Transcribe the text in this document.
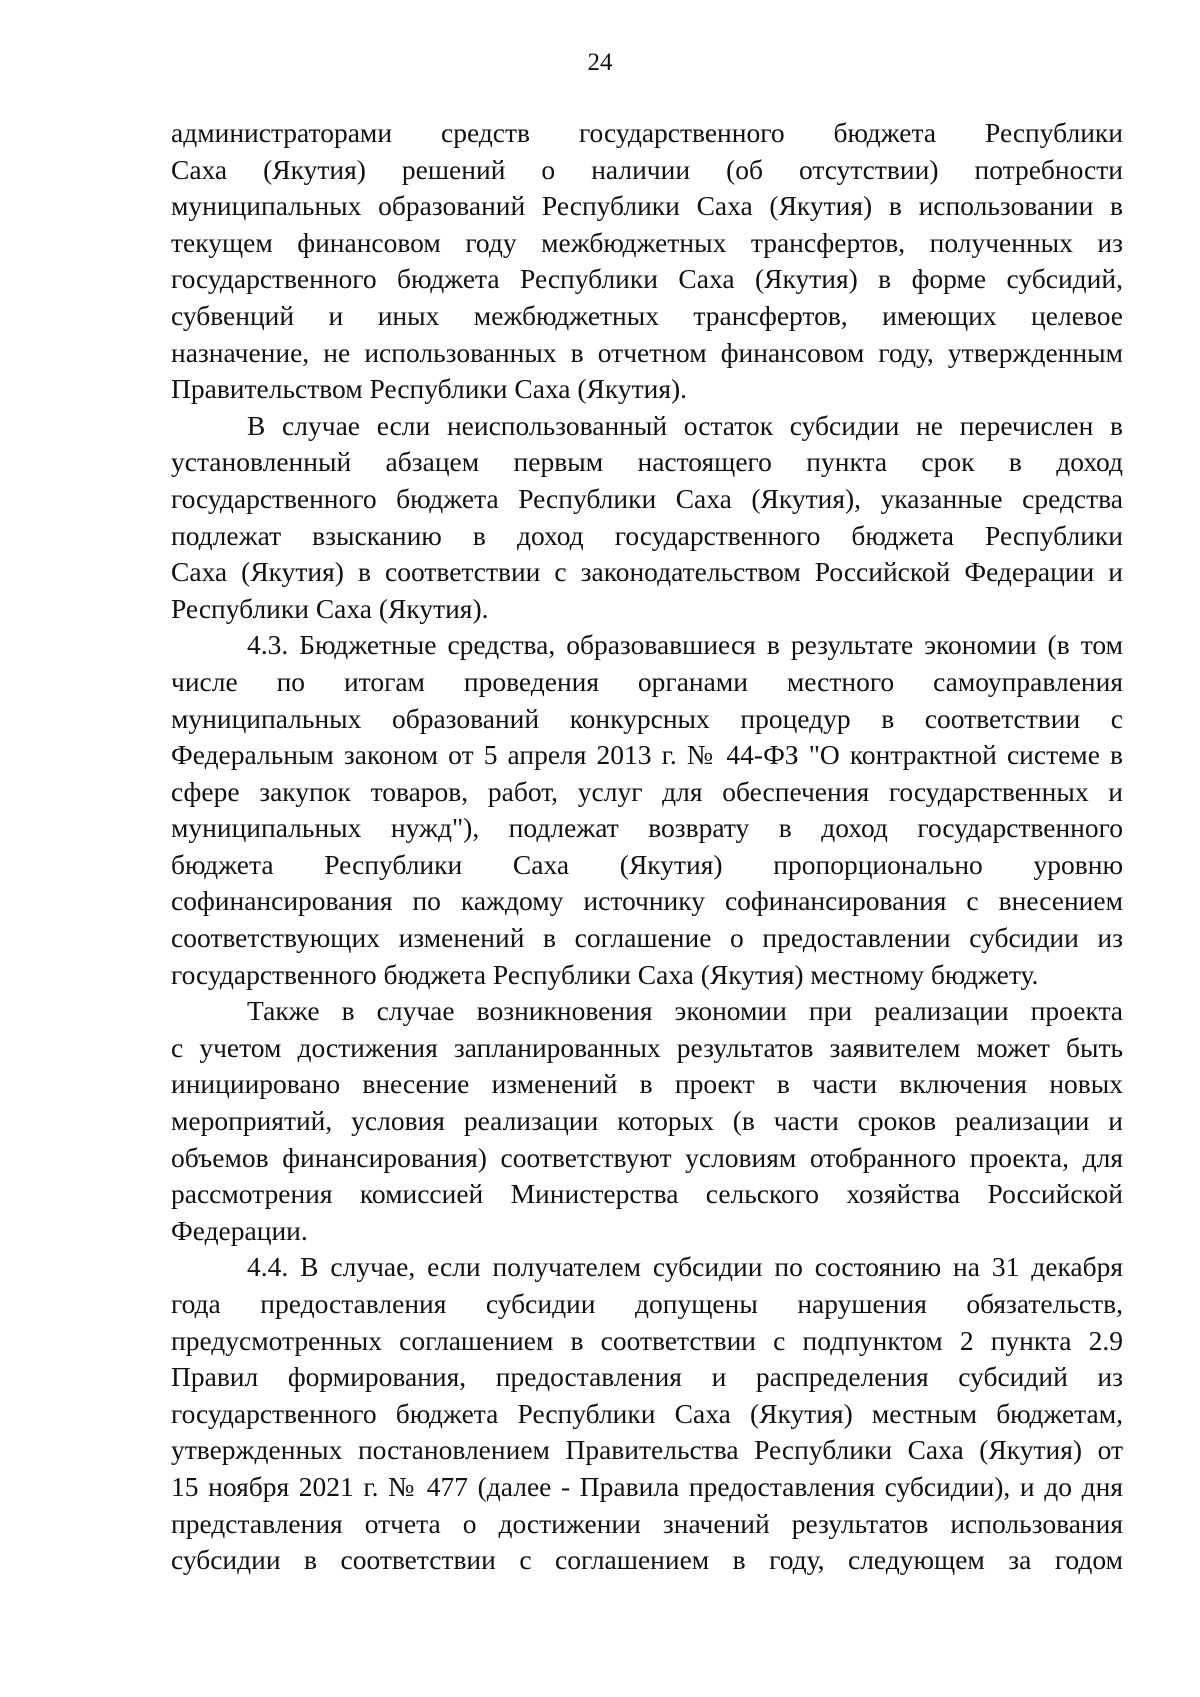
24
администраторами средств государственного бюджета Республики
Саха (Якутия) решений о наличии (об отсутствии) потребности
муниципальных образований Республики Саха (Якутия) в использовании в
текущем финансовом году межбюджетных трансфертов, полученных из
государственного бюджета Республики Саха (Якутия) в форме субсидий,
субвенций и иных межбюджетных трансфертов, имеющих целевое
назначение, не использованных в отчетном финансовом году, утвержденным
Правительством Республики Саха (Якутия).
В случае если неиспользованный остаток субсидии не перечислен в
установленный абзацем первым настоящего пункта срок в доход
государственного бюджета Республики Саха (Якутия), указанные средства
подлежат взысканию в доход государственного бюджета Республики
Саха (Якутия) в соответствии с законодательством Российской Федерации и
Республики Саха (Якутия).
4.3. Бюджетные средства, образовавшиеся в результате экономии (в том
числе по итогам проведения органами местного самоуправления
муниципальных образований конкурсных процедур в соответствии с
Федеральным законом от 5 апреля 2013 г. № 44-ФЗ "О контрактной системе в
сфере закупок товаров, работ, услуг для обеспечения государственных и
муниципальных нужд"), подлежат возврату в доход государственного
бюджета Республики Саха (Якутия) пропорционально уровню
софинансирования по каждому источнику софинансирования с внесением
соответствующих изменений в соглашение о предоставлении субсидии из
государственного бюджета Республики Саха (Якутия) местному бюджету.
Также в случае возникновения экономии при реализации проекта
с учетом достижения запланированных результатов заявителем может быть
инициировано внесение изменений в проект в части включения новых
мероприятий, условия реализации которых (в части сроков реализации и
объемов финансирования) соответствуют условиям отобранного проекта, для
рассмотрения комиссией Министерства сельского хозяйства Российской
Федерации.
4.4. В случае, если получателем субсидии по состоянию на 31 декабря
года предоставления субсидии допущены нарушения обязательств,
предусмотренных соглашением в соответствии с подпунктом 2 пункта 2.9
Правил формирования, предоставления и распределения субсидий из
государственного бюджета Республики Саха (Якутия) местным бюджетам,
утвержденных постановлением Правительства Республики Саха (Якутия) от
15 ноября 2021 г. № 477 (далее - Правила предоставления субсидии), и до дня
представления отчета о достижении значений результатов использования
субсидии в соответствии с соглашением в году, следующем за годом
